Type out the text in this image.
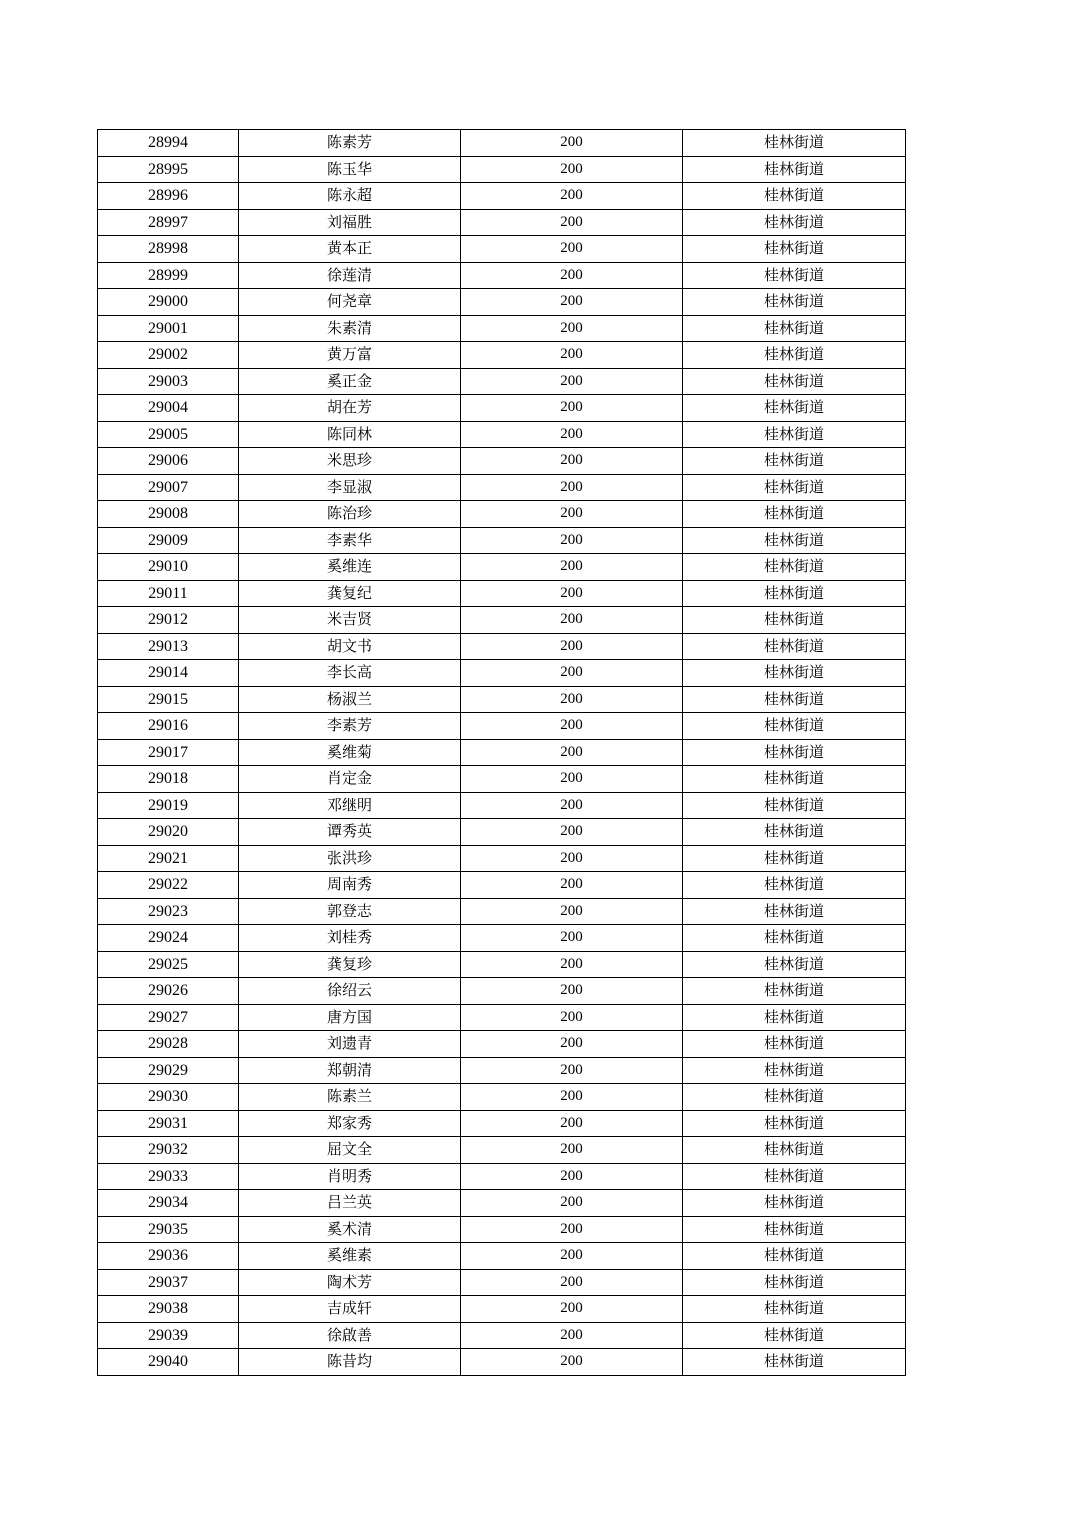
28994	陈素芳	200	桂林街道
28995	陈玉华	200	桂林街道
28996	陈永超	200	桂林街道
28997	刘福胜	200	桂林街道
28998	黄本正	200	桂林街道
28999	徐莲清	200	桂林街道
29000	何尧章	200	桂林街道
29001	朱素清	200	桂林街道
29002	黄万富	200	桂林街道
29003	奚正金	200	桂林街道
29004	胡在芳	200	桂林街道
29005	陈同林	200	桂林街道
29006	米思珍	200	桂林街道
29007	李显淑	200	桂林街道
29008	陈治珍	200	桂林街道
29009	李素华	200	桂林街道
29010	奚维连	200	桂林街道
29011	龚复纪	200	桂林街道
29012	米吉贤	200	桂林街道
29013	胡文书	200	桂林街道
29014	李长高	200	桂林街道
29015	杨淑兰	200	桂林街道
29016	李素芳	200	桂林街道
29017	奚维菊	200	桂林街道
29018	肖定金	200	桂林街道
29019	邓继明	200	桂林街道
29020	谭秀英	200	桂林街道
29021	张洪珍	200	桂林街道
29022	周南秀	200	桂林街道
29023	郭登志	200	桂林街道
29024	刘桂秀	200	桂林街道
29025	龚复珍	200	桂林街道
29026	徐绍云	200	桂林街道
29027	唐方国	200	桂林街道
29028	刘遗青	200	桂林街道
29029	郑朝清	200	桂林街道
29030	陈素兰	200	桂林街道
29031	郑家秀	200	桂林街道
29032	屈文全	200	桂林街道
29033	肖明秀	200	桂林街道
29034	吕兰英	200	桂林街道
29035	奚术清	200	桂林街道
29036	奚维素	200	桂林街道
29037	陶术芳	200	桂林街道
29038	吉成轩	200	桂林街道
29039	徐啟善	200	桂林街道
29040	陈昔均	200	桂林街道
